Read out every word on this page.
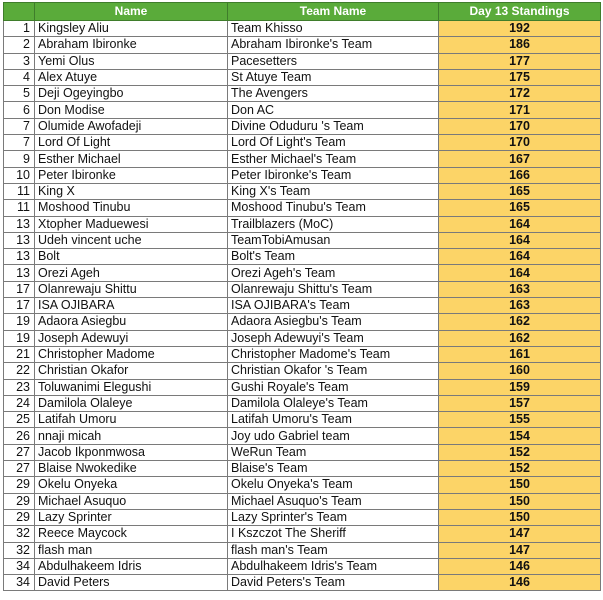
	Name	Team Name	Day 13 Standings
1	Kingsley Aliu	Team Khisso	192
2	Abraham Ibironke	Abraham Ibironke's Team	186
3	Yemi Olus	Pacesetters	177
4	Alex Atuye	St Atuye Team	175
5	Deji Ogeyingbo	The Avengers	172
6	Don Modise	Don AC	171
7	Olumide Awofadeji	Divine Oduduru 's Team	170
7	Lord Of Light	Lord Of Light's Team	170
9	Esther Michael	Esther Michael's Team	167
10	Peter Ibironke	Peter Ibironke's Team	166
11	King X	King X's Team	165
11	Moshood Tinubu	Moshood Tinubu's Team	165
13	Xtopher Maduewesi	Trailblazers (MoC)	164
13	Udeh vincent uche	TeamTobiAmusan	164
13	Bolt	Bolt's Team	164
13	Orezi Ageh	Orezi Ageh's Team	164
17	Olanrewaju Shittu	Olanrewaju Shittu's Team	163
17	ISA OJIBARA	ISA OJIBARA's Team	163
19	Adaora Asiegbu	Adaora Asiegbu's Team	162
19	Joseph Adewuyi	Joseph Adewuyi's Team	162
21	Christopher Madome	Christopher Madome's Team	161
22	Christian Okafor	Christian Okafor 's Team	160
23	Toluwanimi Elegushi	Gushi Royale's Team	159
24	Damilola Olaleye	Damilola Olaleye's Team	157
25	Latifah Umoru	Latifah Umoru's Team	155
26	nnaji micah	Joy udo Gabriel team	154
27	Jacob Ikponmwosa	WeRun Team	152
27	Blaise Nwokedike	Blaise's Team	152
29	Okelu Onyeka	Okelu Onyeka's Team	150
29	Michael Asuquo	Michael Asuquo's Team	150
29	Lazy Sprinter	Lazy Sprinter's Team	150
32	Reece Maycock	I Kszczot The Sheriff	147
32	flash man	flash man's Team	147
34	Abdulhakeem Idris	Abdulhakeem Idris's Team	146
34	David Peters	David Peters's Team	146
